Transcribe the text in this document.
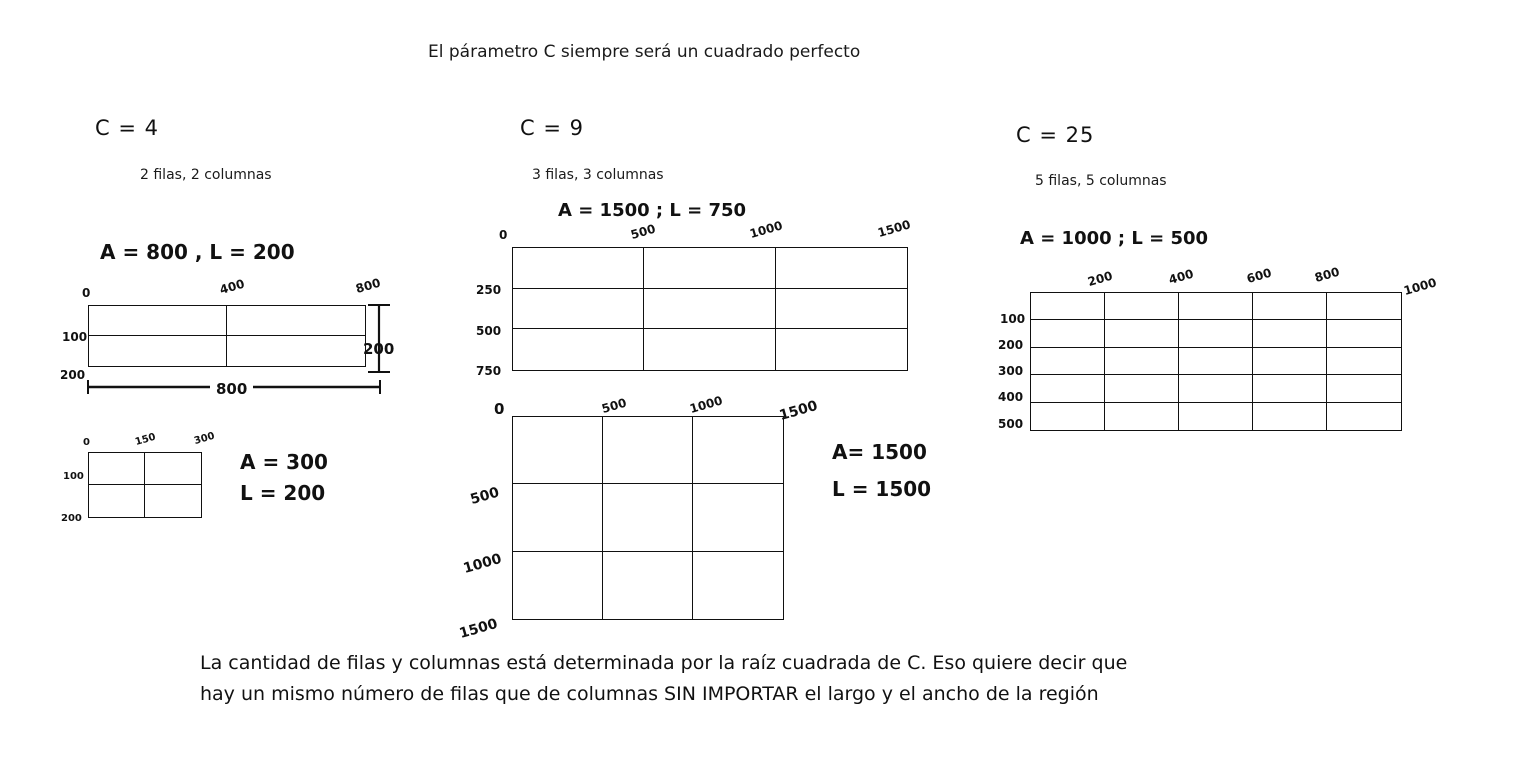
El párametro C siempre será un cuadrado perfecto
C = 4
2 filas, 2 columnas
A = 800 , L = 200
0	400	800
100
200
200
800
0	150	300
100
200
A = 300
L = 200
C = 9
3 filas, 3 columnas
A = 1500 ; L = 750
0	500	1000	1500
250
500
750
0	500	1000	1500
500
1000
1500
A= 1500
L = 1500
C = 25
5 filas, 5 columnas
A = 1000 ; L = 500
200	400	600	800
1000
100
200
300
400
500
La cantidad de filas y columnas está determinada por la raíz cuadrada de C. Eso quiere decir que
hay un mismo número de filas que de columnas SIN IMPORTAR el largo y el ancho de la región
